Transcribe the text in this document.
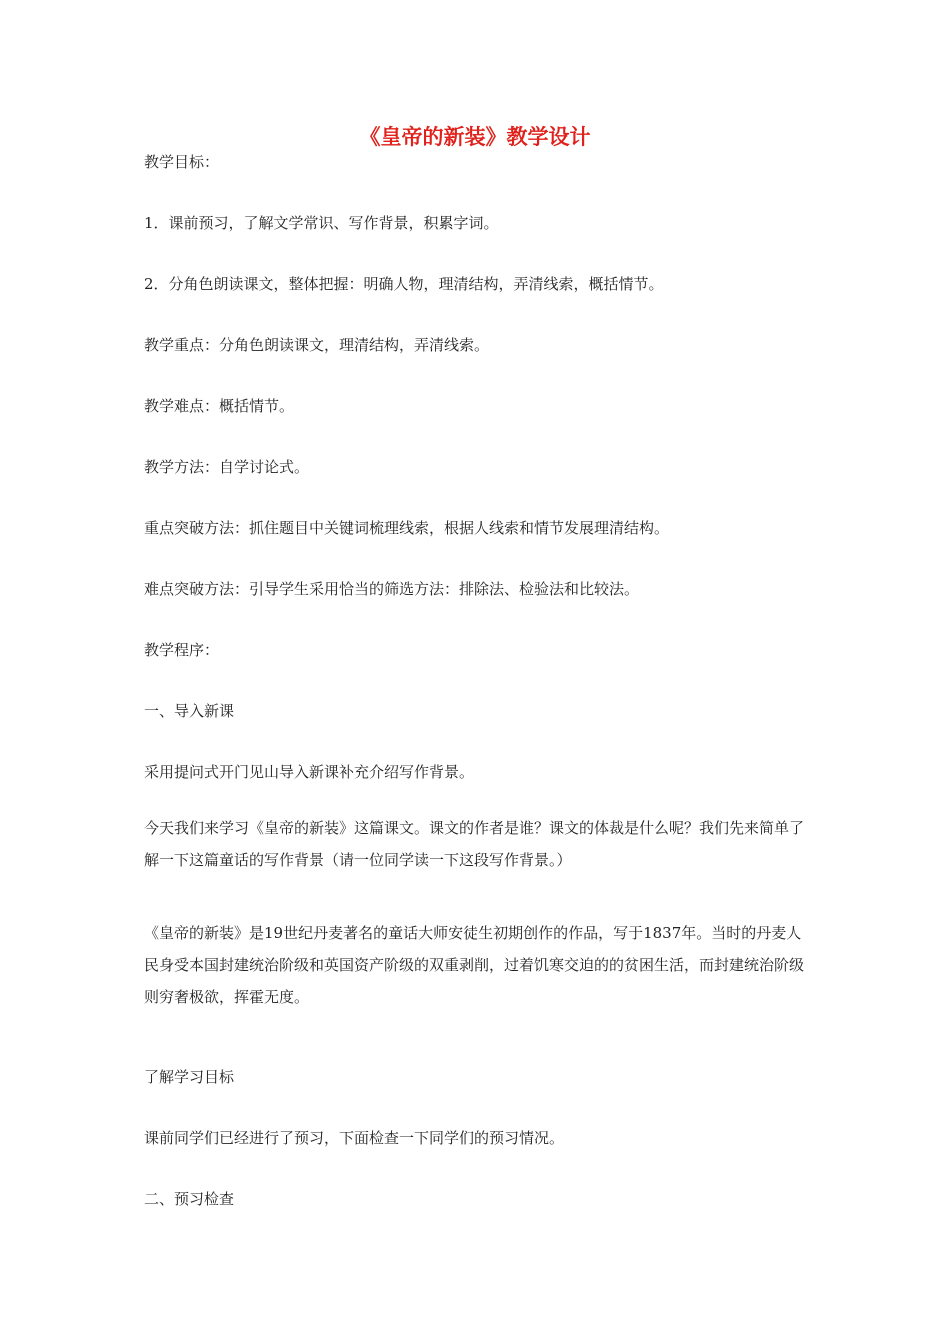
《皇帝的新装》教学设计
教学目标：
1．课前预习，了解文学常识、写作背景，积累字词。
2．分角色朗读课文，整体把握：明确人物，理清结构，弄清线索，概括情节。
教学重点：分角色朗读课文，理清结构，弄清线索。
教学难点：概括情节。
教学方法：自学讨论式。
重点突破方法：抓住题目中关键词梳理线索，根据人线索和情节发展理清结构。
难点突破方法：引导学生采用恰当的筛选方法：排除法、检验法和比较法。
教学程序：
一、导入新课
采用提问式开门见山导入新课补充介绍写作背景。
今天我们来学习《皇帝的新装》这篇课文。课文的作者是谁？课文的体裁是什么呢？我们先来简单了解一下这篇童话的写作背景（请一位同学读一下这段写作背景。）
《皇帝的新装》是19世纪丹麦著名的童话大师安徒生初期创作的作品，写于1837年。当时的丹麦人民身受本国封建统治阶级和英国资产阶级的双重剥削，过着饥寒交迫的的贫困生活，而封建统治阶级则穷奢极欲，挥霍无度。
了解学习目标
课前同学们已经进行了预习，下面检查一下同学们的预习情况。
二、预习检查
